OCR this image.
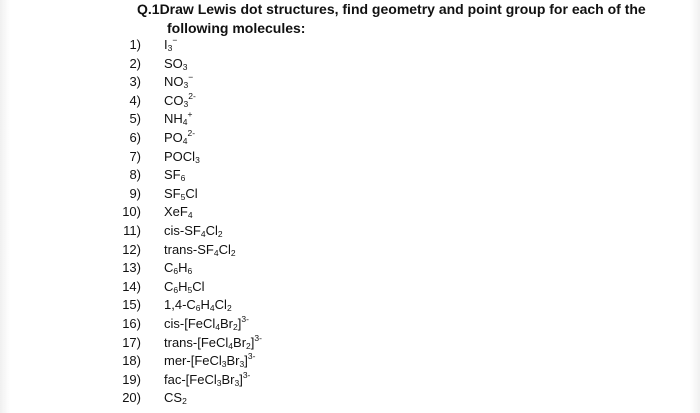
Q.1Draw Lewis dot structures, find geometry and point group for each of the
following molecules:
1) $I_3^-$
2) $SO_3$
3) $NO_3^-$
4) $CO_3^{2-}$
5) $NH_4^+$
6) $PO_4^{2-}$
7) POCl$_3$
8) $SF_6$
9) $SF_5Cl$
10) XeF$_4$
11) cis-$SF_4Cl_2$
12) trans-$SF_4Cl_2$
13) $C_6H_6$
14) $C_6H_5Cl$
15) $1,4-C_6H_4Cl_2$
16) cis-$[FeCl_4Br_2]^{3-}$
17) trans-$[FeCl_4Br_2]^{3-}$
18) mer-$[FeCl_3Br_3]^{3-}$
19) fac-$[FeCl_3Br_3]^{3-}$
20) $CS_2$
